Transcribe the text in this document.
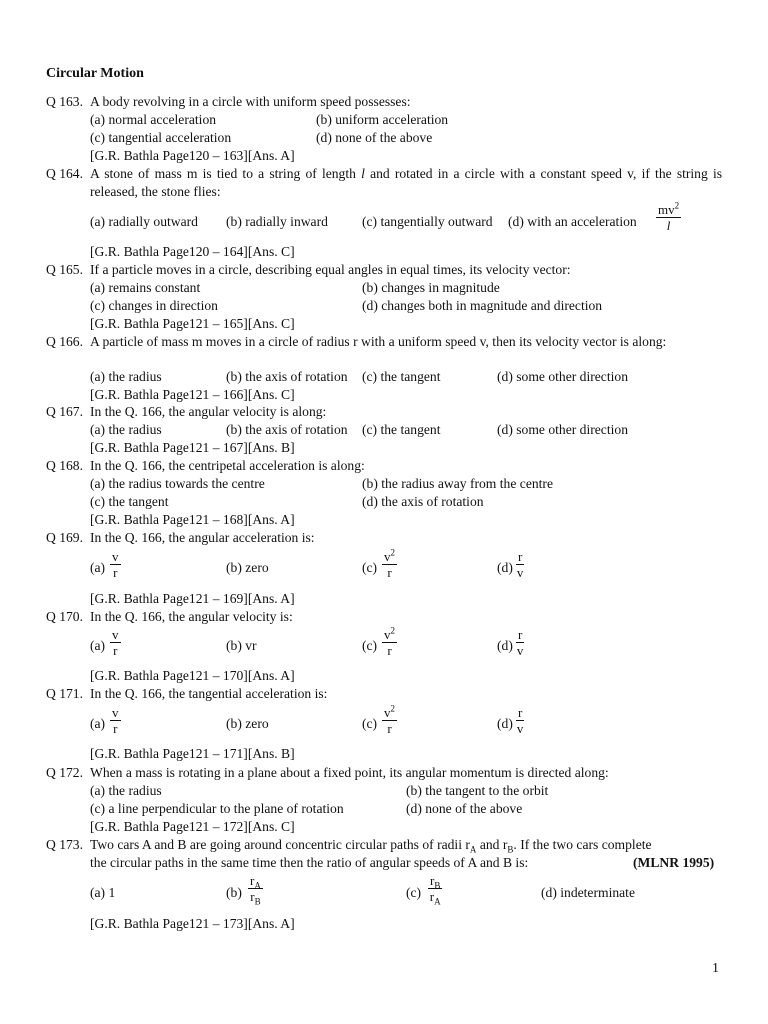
Circular Motion
Q 163. A body revolving in a circle with uniform speed possesses:
(a) normal acceleration	(b) uniform acceleration
(c) tangential acceleration	(d) none of the above
[G.R. Bathla Page120 – 163][Ans. A]
Q 164. A stone of mass m is tied to a string of length l and rotated in a circle with a constant speed v, if the string is released, the stone flies:
(a) radially outward (b) radially inward	(c) tangentially outward (d) with an acceleration $\frac{mv^2}{l}$
[G.R. Bathla Page120 – 164][Ans. C]
Q 165. If a particle moves in a circle, describing equal angles in equal times, its velocity vector:
(a) remains constant	(b) changes in magnitude
(c) changes in direction	(d) changes both in magnitude and direction
[G.R. Bathla Page121 – 165][Ans. C]
Q 166. A particle of mass m moves in a circle of radius r with a uniform speed v, then its velocity vector is along:
(a) the radius	(b) the axis of rotation (c) the tangent	(d) some other direction
[G.R. Bathla Page121 – 166][Ans. C]
Q 167. In the Q. 166, the angular velocity is along:
(a) the radius	(b) the axis of rotation (c) the tangent	(d) some other direction
[G.R. Bathla Page121 – 167][Ans. B]
Q 168. In the Q. 166, the centripetal acceleration is along:
(a) the radius towards the centre	(b) the radius away from the centre
(c) the tangent	(d) the axis of rotation
[G.R. Bathla Page121 – 168][Ans. A]
Q 169. In the Q. 166, the angular acceleration is:
$(a) \frac{v}{r}$	(b) zero	$(c) \frac{v^2}{r}$	$(d) \frac{r}{v}$
[G.R. Bathla Page121 – 169][Ans. A]
Q 170. In the Q. 166, the angular velocity is:
$(a) \frac{v}{r}$	(b) vr	$(c) \frac{v^2}{r}$	$(d) \frac{r}{v}$
[G.R. Bathla Page121 – 170][Ans. A]
Q 171. In the Q. 166, the tangential acceleration is:
$(a) \frac{v}{r}$	(b) zero	$(c) \frac{v^2}{r}$	$(d) \frac{r}{v}$
[G.R. Bathla Page121 – 171][Ans. B]
Q 172. When a mass is rotating in a plane about a fixed point, its angular momentum is directed along:
(a) the radius	(b) the tangent to the orbit
(c) a line perpendicular to the plane of rotation	(d) none of the above
[G.R. Bathla Page121 – 172][Ans. C]
Q 173. Two cars A and B are going around concentric circular paths of radii $r_A$ and $r_B$. If the two cars complete
the circular paths in the same time then the ratio of angular speeds of A and B is:	(MLNR 1995)
(a) 1	$(b) \frac{r_A}{r_B}$	$(c) \frac{r_B}{r_A}$	(d) indeterminate
[G.R. Bathla Page121 – 173][Ans. A]
1
